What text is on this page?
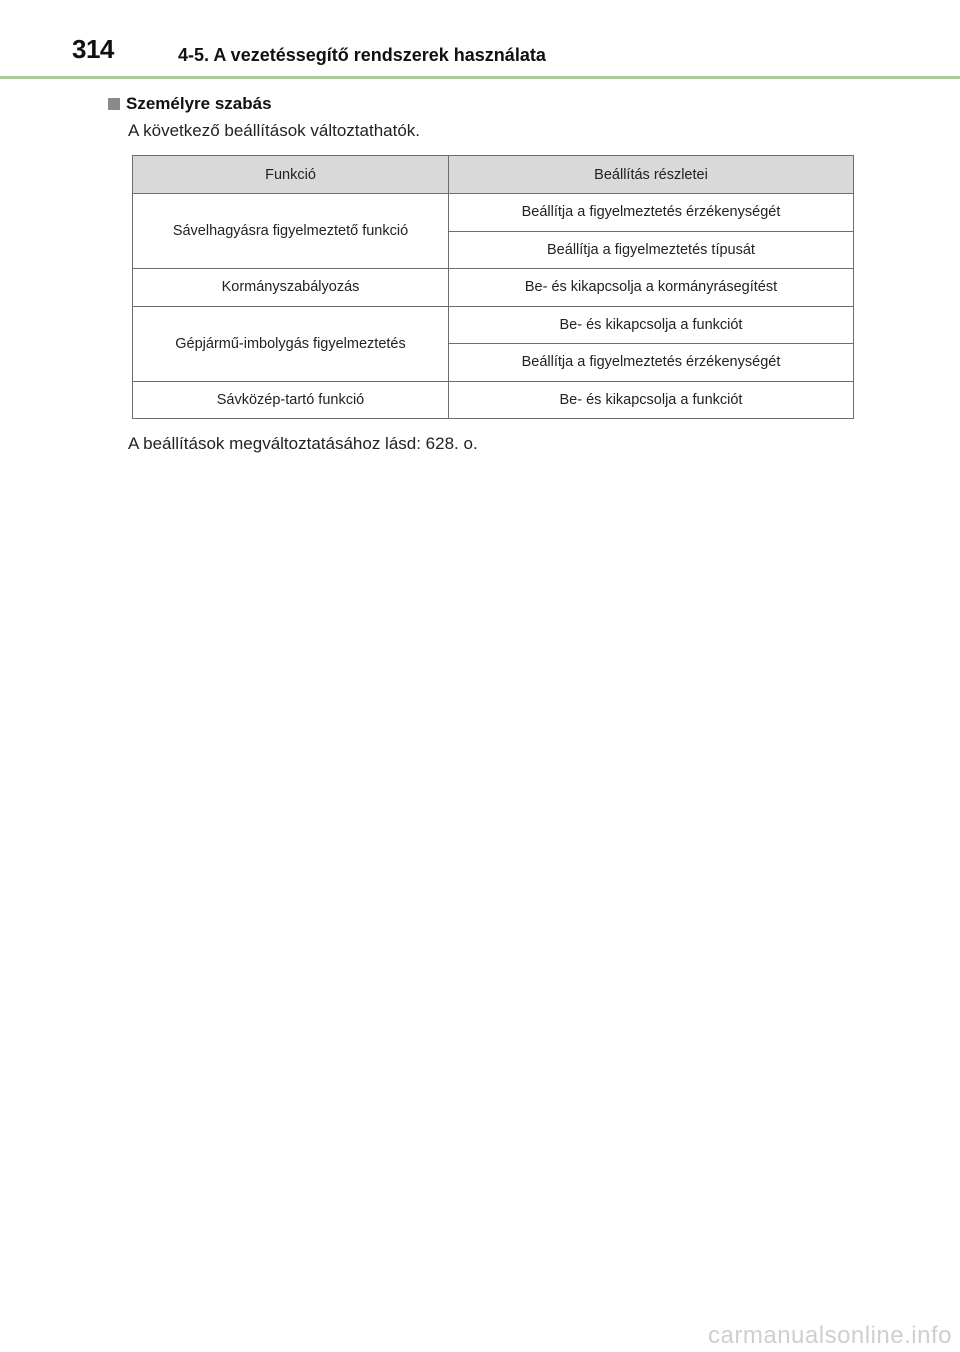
314	4-5. A vezetéssegítő rendszerek használata
Személyre szabás
A következő beállítások változtathatók.
Funkció	Beállítás részletei
Sávelhagyásra figyelmeztető funkció	Beállítja a figyelmeztetés érzékenységét
	Beállítja a figyelmeztetés típusát
Kormányszabályozás	Be- és kikapcsolja a kormányrásegítést
Gépjármű-imbolygás figyelmeztetés	Be- és kikapcsolja a funkciót
	Beállítja a figyelmeztetés érzékenységét
Sávközép-tartó funkció	Be- és kikapcsolja a funkciót
A beállítások megváltoztatásához lásd: 628. o.
carmanualsonline.info
